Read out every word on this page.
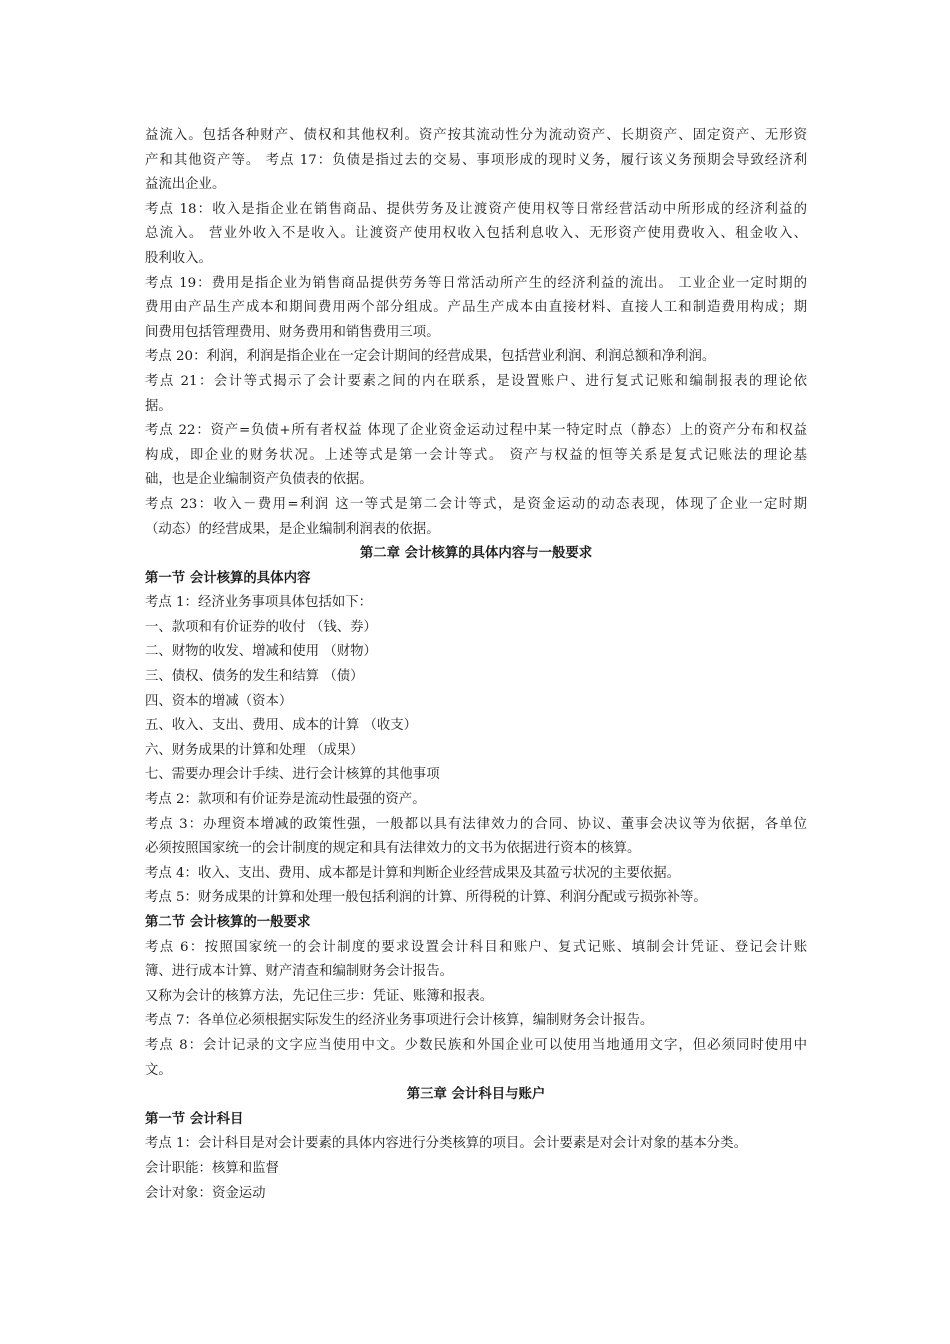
益流入。包括各种财产、债权和其他权利。资产按其流动性分为流动资产、长期资产、固定资产、无形资
产和其他资产等。 考点 17：负债是指过去的交易、事项形成的现时义务，履行该义务预期会导致经济利
益流出企业。
考点 18：收入是指企业在销售商品、提供劳务及让渡资产使用权等日常经营活动中所形成的经济利益的
总流入。 营业外收入不是收入。让渡资产使用权收入包括利息收入、无形资产使用费收入、租金收入、
股利收入。
考点 19：费用是指企业为销售商品提供劳务等日常活动所产生的经济利益的流出。 工业企业一定时期的
费用由产品生产成本和期间费用两个部分组成。产品生产成本由直接材料、直接人工和制造费用构成；期
间费用包括管理费用、财务费用和销售费用三项。
考点 20：利润，利润是指企业在一定会计期间的经营成果，包括营业利润、利润总额和净利润。
考点 21：会计等式揭示了会计要素之间的内在联系，是设置账户、进行复式记账和编制报表的理论依
据。
考点 22：资产=负债+所有者权益 体现了企业资金运动过程中某一特定时点（静态）上的资产分布和权益
构成，即企业的财务状况。上述等式是第一会计等式。 资产与权益的恒等关系是复式记账法的理论基
础，也是企业编制资产负债表的依据。
考点 23：收入－费用=利润 这一等式是第二会计等式，是资金运动的动态表现，体现了企业一定时期
（动态）的经营成果，是企业编制利润表的依据。
第二章 会计核算的具体内容与一般要求
第一节 会计核算的具体内容
考点 1：经济业务事项具体包括如下：
一、款项和有价证券的收付 （钱、券）
二、财物的收发、增减和使用 （财物）
三、债权、债务的发生和结算 （债）
四、资本的增减（资本）
五、收入、支出、费用、成本的计算 （收支）
六、财务成果的计算和处理 （成果）
七、需要办理会计手续、进行会计核算的其他事项
考点 2：款项和有价证券是流动性最强的资产。
考点 3：办理资本增减的政策性强，一般都以具有法律效力的合同、协议、董事会决议等为依据，各单位
必须按照国家统一的会计制度的规定和具有法律效力的文书为依据进行资本的核算。
考点 4：收入、支出、费用、成本都是计算和判断企业经营成果及其盈亏状况的主要依据。
考点 5：财务成果的计算和处理一般包括利润的计算、所得税的计算、利润分配或亏损弥补等。
第二节 会计核算的一般要求
考点 6：按照国家统一的会计制度的要求设置会计科目和账户、复式记账、填制会计凭证、登记会计账
簿、进行成本计算、财产清查和编制财务会计报告。
又称为会计的核算方法，先记住三步：凭证、账簿和报表。
考点 7：各单位必须根据实际发生的经济业务事项进行会计核算，编制财务会计报告。
考点 8：会计记录的文字应当使用中文。少数民族和外国企业可以使用当地通用文字，但必须同时使用中
文。
第三章 会计科目与账户
第一节 会计科目
考点 1：会计科目是对会计要素的具体内容进行分类核算的项目。会计要素是对会计对象的基本分类。
会计职能：核算和监督
会计对象：资金运动
